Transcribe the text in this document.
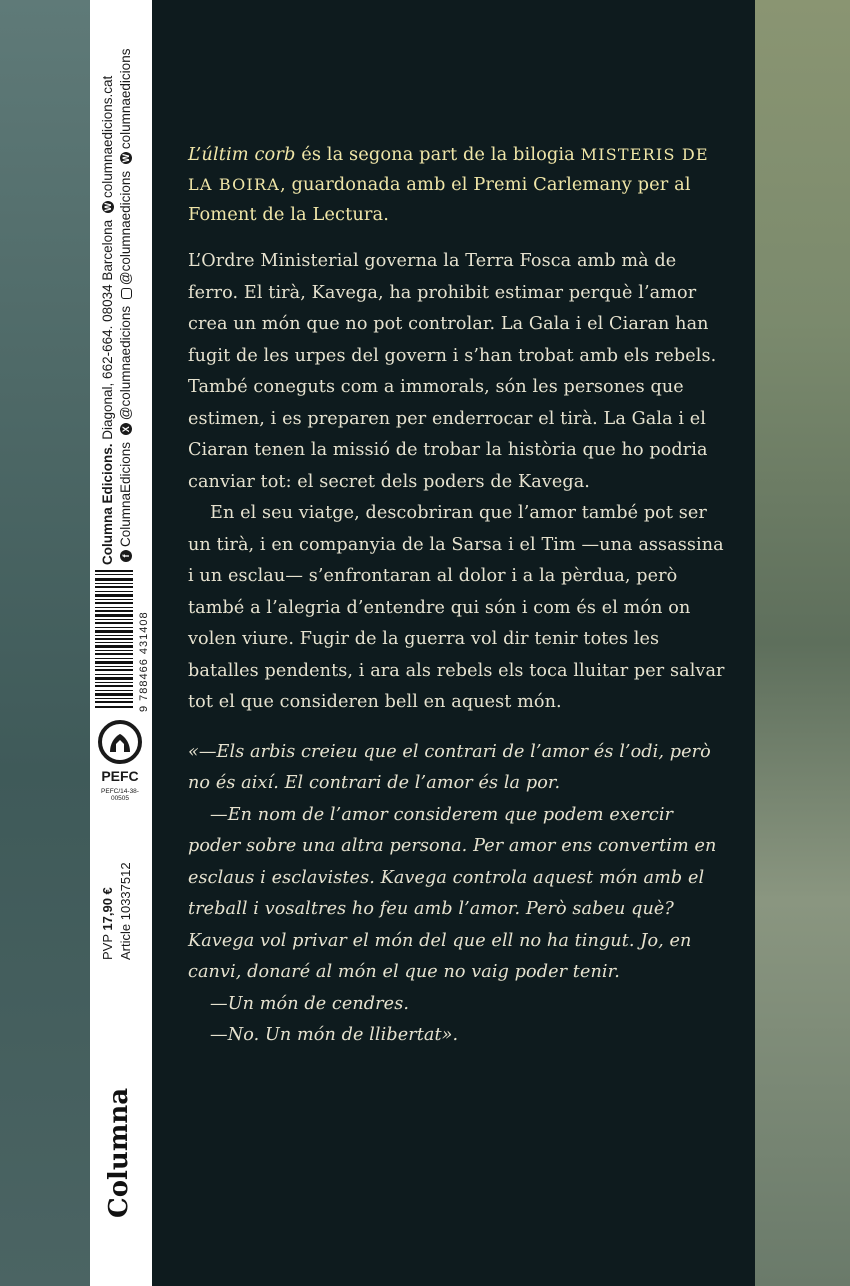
L’últim corb és la segona part de la bilogia MISTERIS DE LA BOIRA, guardonada amb el Premi Carlemany per al Foment de la Lectura.

L’Ordre Ministerial governa la Terra Fosca amb mà de ferro. El tirà, Kavega, ha prohibit estimar perquè l’amor crea un món que no pot controlar. La Gala i el Ciaran han fugit de les urpes del govern i s’han trobat amb els rebels. També coneguts com a immorals, són les persones que estimen, i es preparen per enderrocar el tirà. La Gala i el Ciaran tenen la missió de trobar la història que ho podria canviar tot: el secret dels poders de Kavega.

En el seu viatge, descobriran que l’amor també pot ser un tirà, i en companyia de la Sarsa i el Tim —una assassina i un esclau— s’enfrontaran al dolor i a la pèrdua, però també a l’alegria d’entendre qui són i com és el món on volen viure. Fugir de la guerra vol dir tenir totes les batalles pendents, i ara als rebels els toca lluitar per salvar tot el que consideren bell en aquest món.

«—Els arbis creieu que el contrari de l’amor és l’odi, però no és així. El contrari de l’amor és la por.

—En nom de l’amor considerem que podem exercir poder sobre una altra persona. Per amor ens convertim en esclaus i esclavistes. Kavega controla aquest món amb el treball i vosaltres ho feu amb l’amor. Però sabeu què? Kavega vol privar el món del que ell no ha tingut. Jo, en canvi, donaré al món el que no vaig poder tenir.

—Un món de cendres.

—No. Un món de llibertat».

Columna Edicions. Diagonal, 662-664. 08034 Barcelona Wcolumnaedicions.cat
fColumnaEdicions X@columnaedicions @columnaedicions Wcolumnaedicions
9 788466 431408
PEFC
PEFC/14-38-00505
PVP 17,90 € Article 10337512
Columna
